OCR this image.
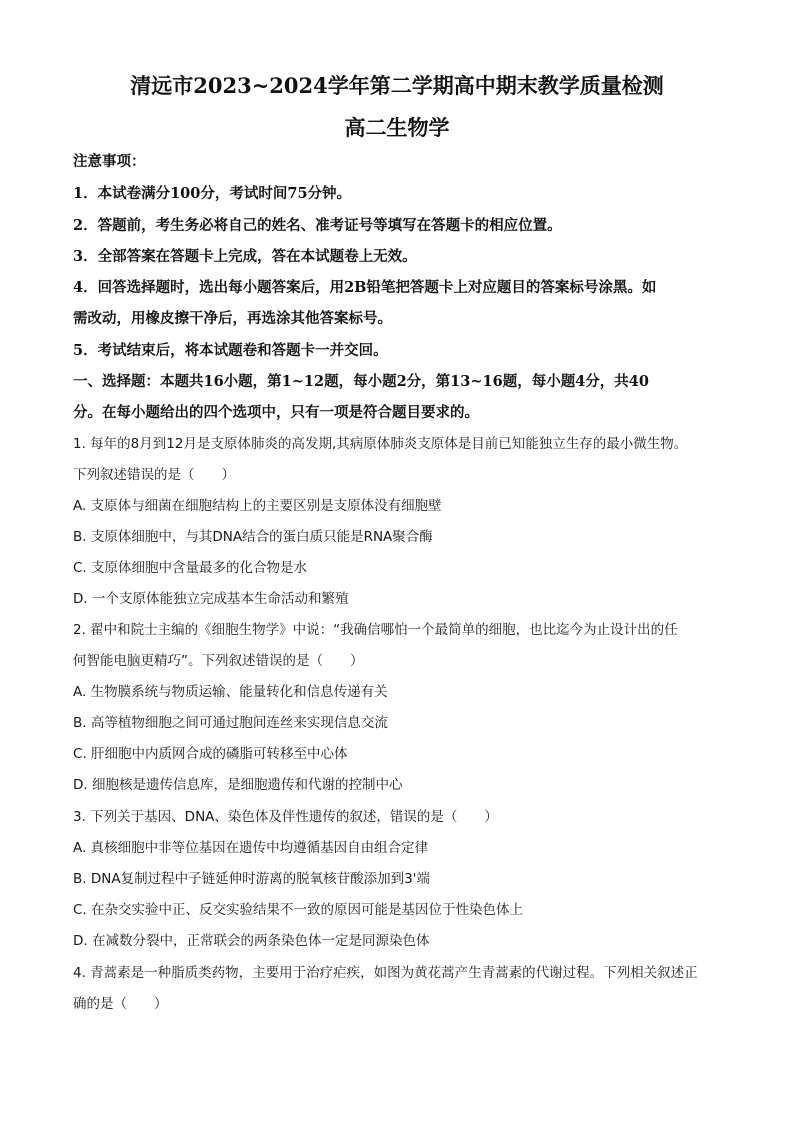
清远市2023~2024学年第二学期高中期末教学质量检测
高二生物学
注意事项：
1．本试卷满分100分，考试时间75分钟。
2．答题前，考生务必将自己的姓名、准考证号等填写在答题卡的相应位置。
3．全部答案在答题卡上完成，答在本试题卷上无效。
4．回答选择题时，选出每小题答案后，用2B铅笔把答题卡上对应题目的答案标号涂黑。如
需改动，用橡皮擦干净后，再选涂其他答案标号。
5．考试结束后，将本试题卷和答题卡一并交回。
一、选择题：本题共16小题，第1~12题，每小题2分，第13~16题，每小题4分，共40
分。在每小题给出的四个选项中，只有一项是符合题目要求的。
1. 每年的8月到12月是支原体肺炎的高发期,其病原体肺炎支原体是目前已知能独立生存的最小微生物。
下列叙述错误的是（　　）
A. 支原体与细菌在细胞结构上的主要区别是支原体没有细胞壁
B. 支原体细胞中，与其DNA结合的蛋白质只能是RNA聚合酶
C. 支原体细胞中含量最多的化合物是水
D. 一个支原体能独立完成基本生命活动和繁殖
2. 翟中和院士主编的《细胞生物学》中说：“我确信哪怕一个最简单的细胞，也比迄今为止设计出的任
何智能电脑更精巧”。下列叙述错误的是（　　）
A. 生物膜系统与物质运输、能量转化和信息传递有关
B. 高等植物细胞之间可通过胞间连丝来实现信息交流
C. 肝细胞中内质网合成的磷脂可转移至中心体
D. 细胞核是遗传信息库，是细胞遗传和代谢的控制中心
3. 下列关于基因、DNA、染色体及伴性遗传的叙述，错误的是（　　）
A. 真核细胞中非等位基因在遗传中均遵循基因自由组合定律
B. DNA复制过程中子链延伸时游离的脱氧核苷酸添加到3'端
C. 在杂交实验中正、反交实验结果不一致的原因可能是基因位于性染色体上
D. 在减数分裂中，正常联会的两条染色体一定是同源染色体
4. 青蒿素是一种脂质类药物，主要用于治疗疟疾，如图为黄花蒿产生青蒿素的代谢过程。下列相关叙述正
确的是（　　）
